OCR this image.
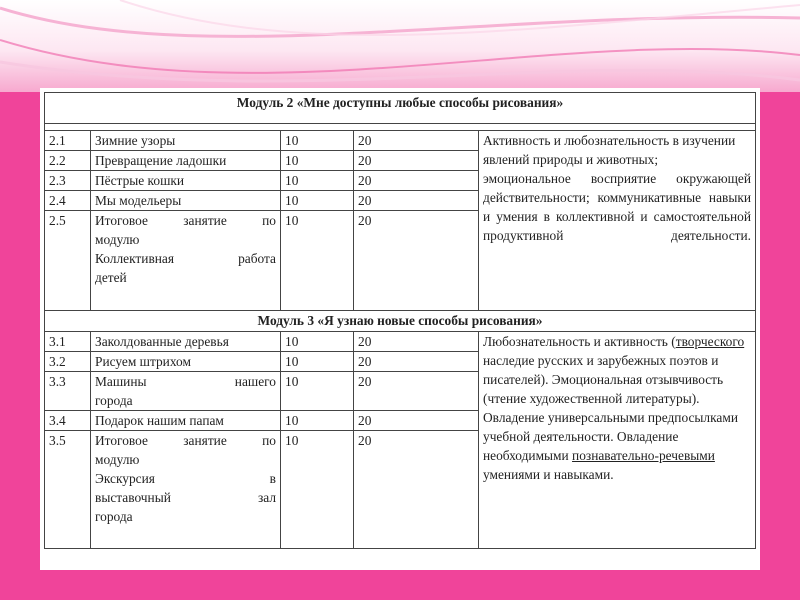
Модуль 2 «Мне доступны любые способы рисования»				

2.1	Зимние узоры	10	20	Активность и любознательность в изучении явлений природы и животных;
эмоциональное восприятие окружающей действительности; коммуникативные навыки и умения в коллективной и самостоятельной продуктивной деятельности.

2.2	Превращение ладошки	10	20	
2.3	Пёстрые кошки	10	20	
2.4	Мы модельеры	10	20	
2.5	Итоговое занятие по
модулю
Коллективная работа
детей	10	20	
Модуль 3 «Я узнаю новые способы рисования»				
3.1	Заколдованные деревья	10	20	Любознательность и активность (творческого наследие русских и зарубежных поэтов и писателей). Эмоциональная отзывчивость (чтение художественной литературы). Овладение универсальными предпосылками учебной деятельности. Овладение необходимыми познавательно-речевыми умениями и навыками.
3.2	Рисуем штрихом	10	20	
3.3	Машины нашего
города	10	20	
3.4	Подарок нашим папам	10	20	
3.5	Итоговое занятие по
модулю
Экскурсия в
выставочный зал
города	10	20	
